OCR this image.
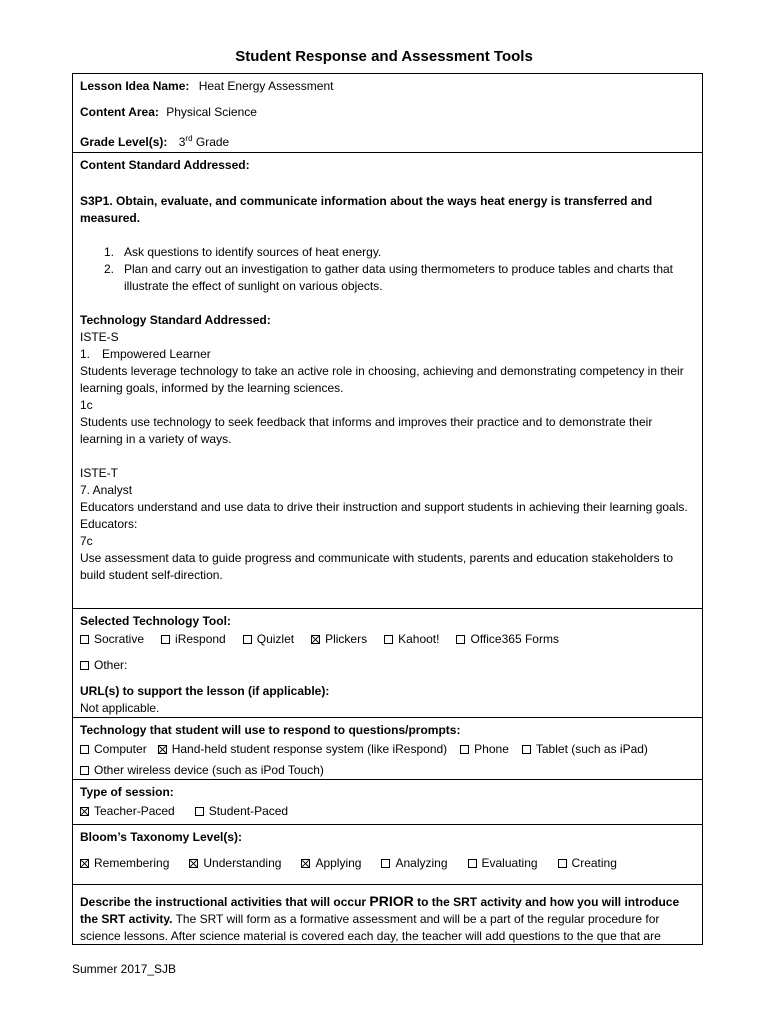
Student Response and Assessment Tools
Lesson Idea Name: Heat Energy Assessment
Content Area: Physical Science
Grade Level(s): 3rd Grade
Content Standard Addressed:
S3P1. Obtain, evaluate, and communicate information about the ways heat energy is transferred and measured.
1. Ask questions to identify sources of heat energy.
2. Plan and carry out an investigation to gather data using thermometers to produce tables and charts that illustrate the effect of sunlight on various objects.
Technology Standard Addressed:
ISTE-S
1. Empowered Learner
Students leverage technology to take an active role in choosing, achieving and demonstrating competency in their learning goals, informed by the learning sciences.
1c
Students use technology to seek feedback that informs and improves their practice and to demonstrate their learning in a variety of ways.
ISTE-T
7. Analyst
Educators understand and use data to drive their instruction and support students in achieving their learning goals. Educators:
7c
Use assessment data to guide progress and communicate with students, parents and education stakeholders to build student self-direction.
Selected Technology Tool:
Socrative	iRespond	Quizlet	Plickers	Kahoot!	Office365 Forms
Other:
URL(s) to support the lesson (if applicable):
Not applicable.
Technology that student will use to respond to questions/prompts:
Computer Hand-held student response system (like iRespond) Phone Tablet (such as iPad)
Other wireless device (such as iPod Touch)
Type of session:
Teacher-Paced	Student-Paced
Bloom’s Taxonomy Level(s):
Remembering	Understanding	Applying	Analyzing	Evaluating	Creating
Describe the instructional activities that will occur PRIOR to the SRT activity and how you will introduce the SRT activity. The SRT will form as a formative assessment and will be a part of the regular procedure for science lessons. After science material is covered each day, the teacher will add questions to the que that are
Summer 2017_SJB
